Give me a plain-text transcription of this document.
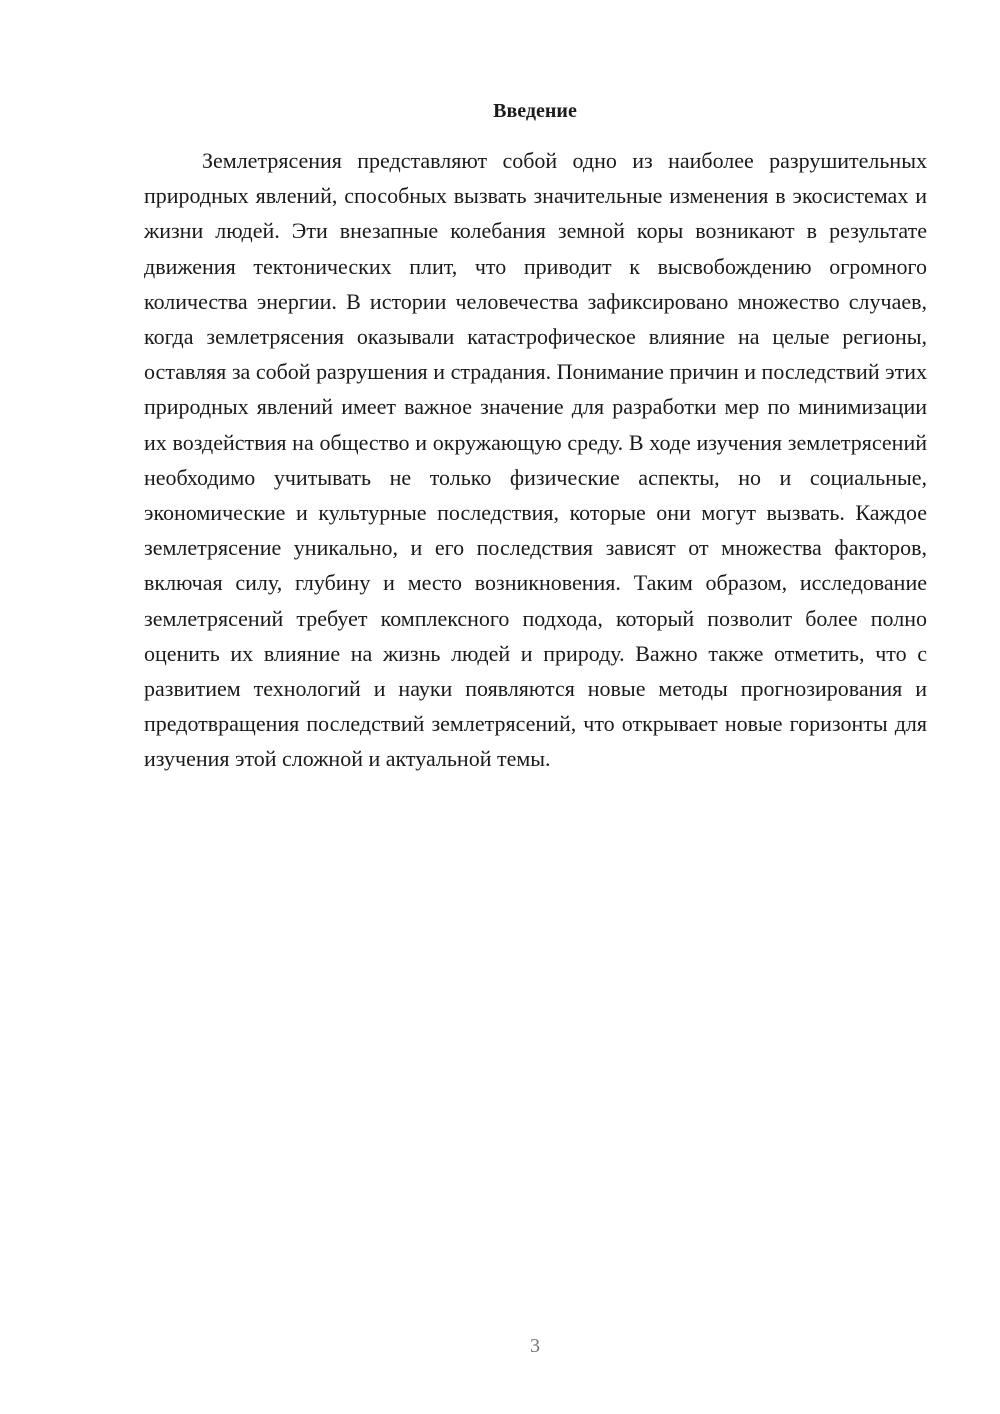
Введение

Землетрясения представляют собой одно из наиболее разрушительных природных явлений, способных вызвать значительные изменения в экосистемах и жизни людей. Эти внезапные колебания земной коры возникают в результате движения тектонических плит, что приводит к высвобождению огромного количества энергии. В истории человечества зафиксировано множество случаев, когда землетрясения оказывали катастрофическое влияние на целые регионы, оставляя за собой разрушения и страдания. Понимание причин и последствий этих природных явлений имеет важное значение для разработки мер по минимизации их воздействия на общество и окружающую среду. В ходе изучения землетрясений необходимо учитывать не только физические аспекты, но и социальные, экономические и культурные последствия, которые они могут вызвать. Каждое землетрясение уникально, и его последствия зависят от множества факторов, включая силу, глубину и место возникновения. Таким образом, исследование землетрясений требует комплексного подхода, который позволит более полно оценить их влияние на жизнь людей и природу. Важно также отметить, что с развитием технологий и науки появляются новые методы прогнозирования и предотвращения последствий землетрясений, что открывает новые горизонты для изучения этой сложной и актуальной темы.

3
